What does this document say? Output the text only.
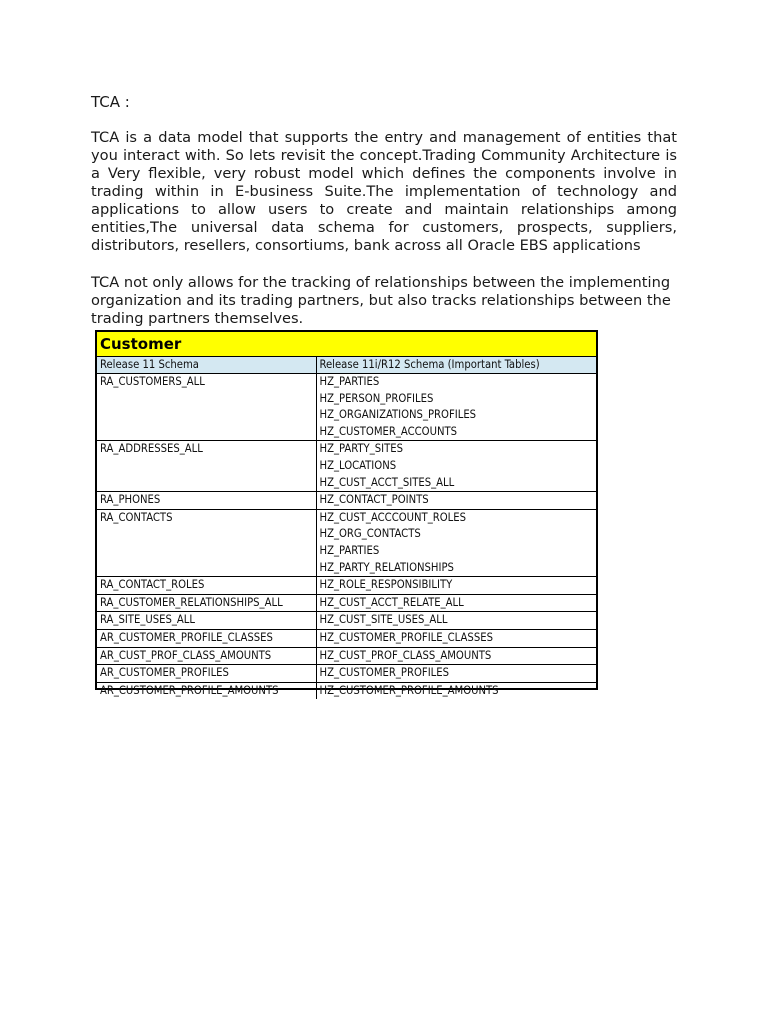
TCA :
TCA is a data model that supports the entry and management of entities that you interact with. So lets revisit the concept.Trading Community Architecture is a Very flexible, very robust model which defines the components involve in trading within in E-business Suite.The implementation of technology and applications to allow users to create and maintain relationships among entities,The universal data schema for customers, prospects, suppliers, distributors, resellers, consortiums, bank across all Oracle EBS applications
TCA not only allows for the tracking of relationships between the implementing organization and its trading partners, but also tracks relationships between the trading partners themselves.
Customer
Release 11 Schema	Release 11i/R12 Schema (Important Tables)

RA_CUSTOMERS_ALL	HZ_PARTIES
HZ_PERSON_PROFILES
HZ_ORGANIZATIONS_PROFILES
HZ_CUSTOMER_ACCOUNTS

RA_ADDRESSES_ALL	HZ_PARTY_SITES
HZ_LOCATIONS
HZ_CUST_ACCT_SITES_ALL

RA_PHONES	HZ_CONTACT_POINTS

RA_CONTACTS	HZ_CUST_ACCCOUNT_ROLES
HZ_ORG_CONTACTS
HZ_PARTIES
HZ_PARTY_RELATIONSHIPS

RA_CONTACT_ROLES	HZ_ROLE_RESPONSIBILITY

RA_CUSTOMER_RELATIONSHIPS_ALL	HZ_CUST_ACCT_RELATE_ALL

RA_SITE_USES_ALL	HZ_CUST_SITE_USES_ALL

AR_CUSTOMER_PROFILE_CLASSES	HZ_CUSTOMER_PROFILE_CLASSES

AR_CUST_PROF_CLASS_AMOUNTS	HZ_CUST_PROF_CLASS_AMOUNTS

AR_CUSTOMER_PROFILES	HZ_CUSTOMER_PROFILES

AR_CUSTOMER_PROFILE_AMOUNTS	HZ_CUSTOMER_PROFILE_AMOUNTS
